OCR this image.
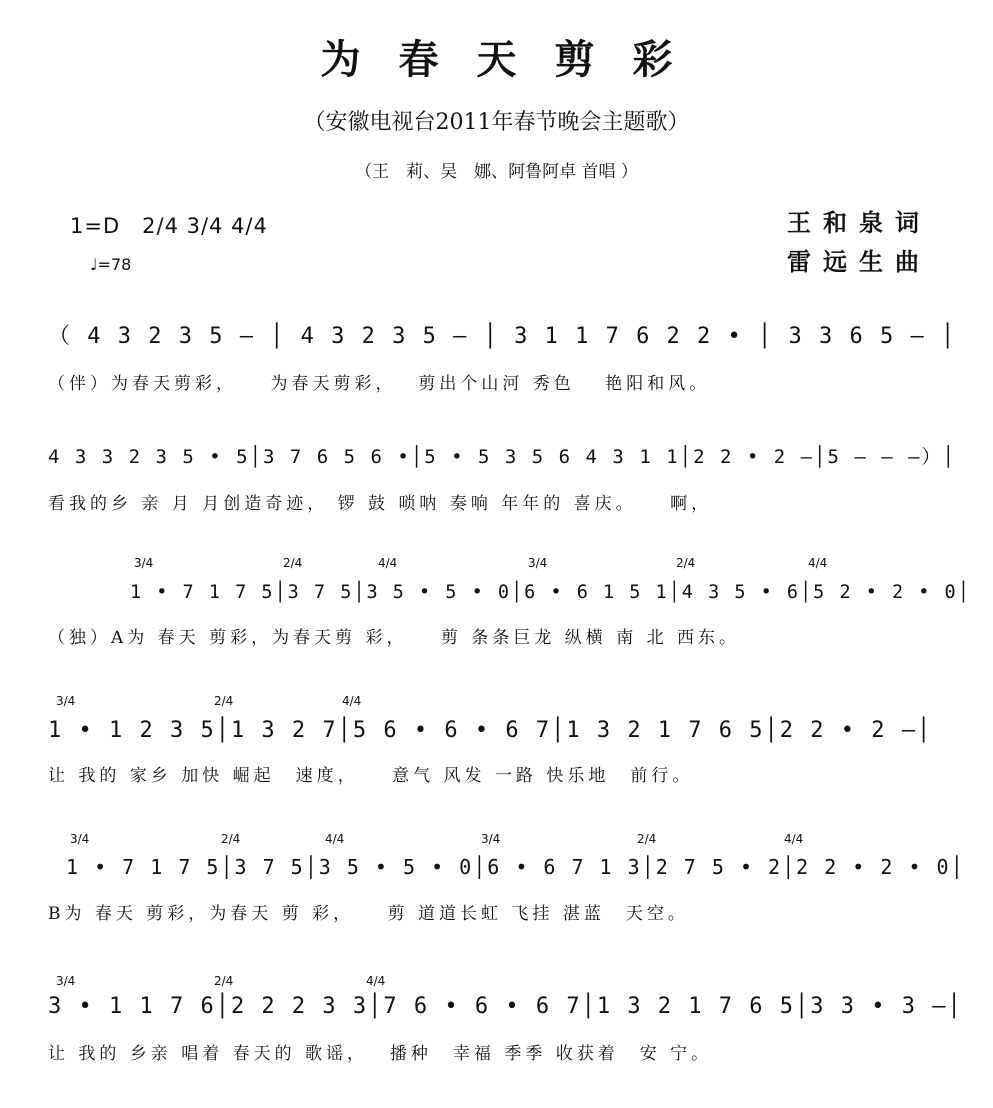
为春天剪彩
（安徽电视台2011年春节晚会主题歌）
（王　莉、吴　娜、阿鲁阿卓 首唱 ）
1=D　2/4 3/4 4/4
♩=78
王和泉词
雷远生曲
（ 4 3 2 3 5 — │ 4 3 2 3 5 — │ 3 1 1 7 6 2 2 • │ 3 3 6 5 — │
（伴）为春天剪彩，　　为春天剪彩，　 剪出个山河 秀色　 艳阳和风。
4 3 3 2 3 5 • 5│3 7 6 5 6 •│5 • 5 3 5 6 4 3 1 1│2 2 • 2 —│5 — — —）│
看我的乡 亲 月 月创造奇迹， 锣 鼓 唢呐 奏响 年年的 喜庆。　　啊，
3/4	2/4	4/4	3/4	2/4	4/4
1 • 7 1 7 5│3 7 5│3 5 • 5 • 0│6 • 6 1 5 1│4 3 5 • 6│5 2 • 2 • 0│
（独）A为 春天 剪彩，为春天剪 彩，　　剪 条条巨龙 纵横 南 北 西东。
3/4	2/4	4/4
1 • 1 2 3 5│1 3 2 7│5 6 • 6 • 6 7│1 3 2 1 7 6 5│2 2 • 2 —│
让 我的 家乡 加快 崛起　速度，　　意气 风发 一路 快乐地　前行。
3/4	2/4	4/4	3/4	2/4	4/4
1 • 7 1 7 5│3 7 5│3 5 • 5 • 0│6 • 6 7 1 3│2 7 5 • 2│2 2 • 2 • 0│
B为 春天 剪彩，为春天 剪 彩，　　剪 道道长虹 飞挂 湛蓝　天空。
3/4	2/4	4/4
3 • 1 1 7 6│2 2 2 3 3│7 6 • 6 • 6 7│1 3 2 1 7 6 5│3 3 • 3 —│
让 我的 乡亲 唱着 春天的 歌谣，　 播种　幸福 季季 收获着　安 宁。
